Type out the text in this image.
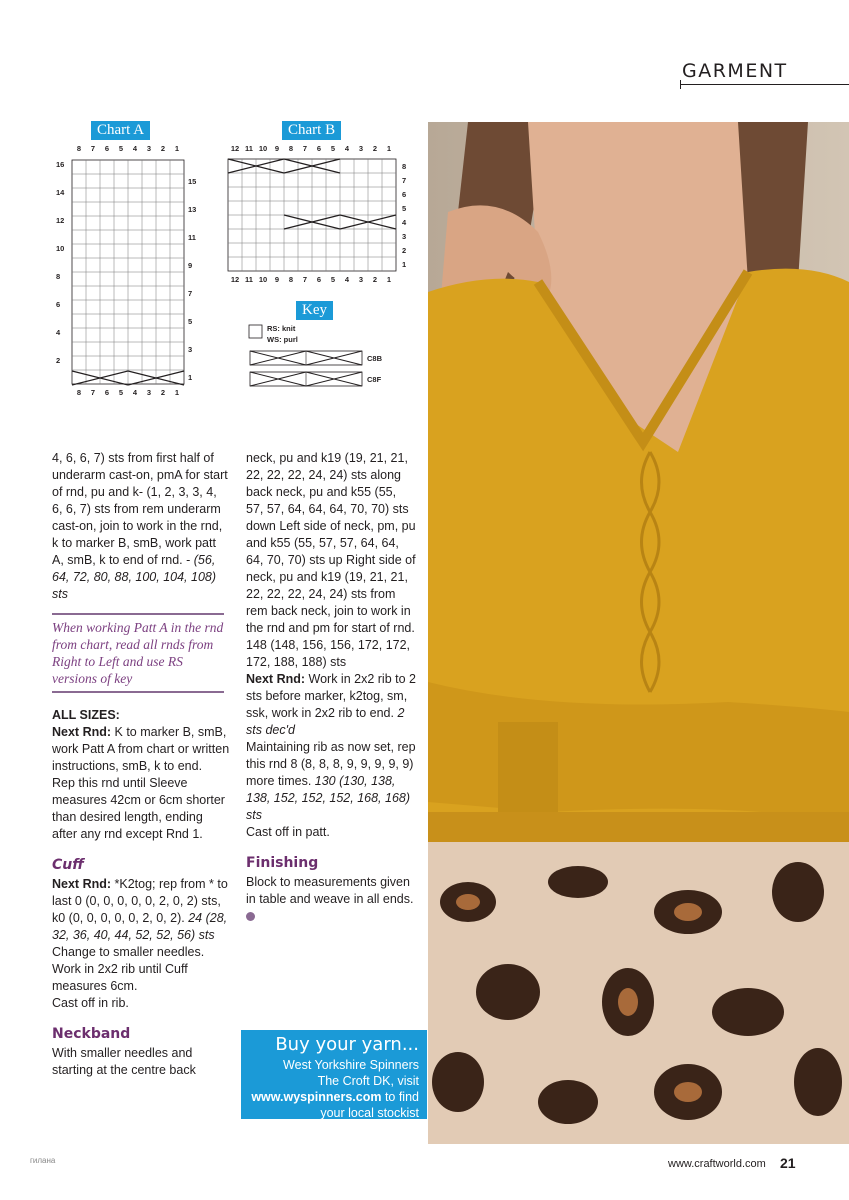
GARMENT
Chart A
8 7 6 5 4 3 2 1
8 7 6 5 4 3 2 1
16
14
12
10
8
6
4
2
15
13
11
9
7
5
3
1
Chart B
12 11 10 9 8 7 6 5 4 3 2 1
12 11 10 9 8 7 6 5 4 3 2 1
8
7
6
5
4
3
2
1
Key
RS: knit
WS: purl
C8B
C8F

4, 6, 6, 7) sts from first half of underarm cast-on, pmA for start of rnd, pu and k- (1, 2, 3, 3, 4, 6, 6, 7) sts from rem underarm cast-on, join to work in the rnd, k to marker B, smB, work patt A, smB, k to end of rnd. - (56, 64, 72, 80, 88, 100, 104, 108) sts

When working Patt A in the rnd from chart, read all rnds from Right to Left and use RS versions of key

ALL SIZES:

Next Rnd: K to marker B, smB, work Patt A from chart or written instructions, smB, k to end.

Rep this rnd until Sleeve measures 42cm or 6cm shorter than desired length, ending after any rnd except Rnd 1.

Cuff

Next Rnd: *K2tog; rep from * to last 0 (0, 0, 0, 0, 0, 2, 0, 2) sts, k0 (0, 0, 0, 0, 0, 2, 0, 2). 24 (28, 32, 36, 40, 44, 52, 52, 56) sts

Change to smaller needles.

Work in 2x2 rib until Cuff measures 6cm.

Cast off in rib.

Neckband

With smaller needles and starting at the centre back

neck, pu and k19 (19, 21, 21, 22, 22, 22, 24, 24) sts along back neck, pu and k55 (55, 57, 57, 64, 64, 64, 70, 70) sts down Left side of neck, pm, pu and k55 (55, 57, 57, 64, 64, 64, 70, 70) sts up Right side of neck, pu and k19 (19, 21, 21, 22, 22, 22, 24, 24) sts from rem back neck, join to work in the rnd and pm for start of rnd. 148 (148, 156, 156, 172, 172, 172, 188, 188) sts

Next Rnd: Work in 2x2 rib to 2 sts before marker, k2tog, sm, ssk, work in 2x2 rib to end. 2 sts dec'd

Maintaining rib as now set, rep this rnd 8 (8, 8, 8, 9, 9, 9, 9, 9) more times. 130 (130, 138, 138, 152, 152, 152, 168, 168) sts

Cast off in patt.

Finishing

Block to measurements given in table and weave in all ends.

Buy your yarn...
West Yorkshire Spinners
The Croft DK, visit
www.wyspinners.com to find
your local stockist
гилана	www.craftworld.com 21
